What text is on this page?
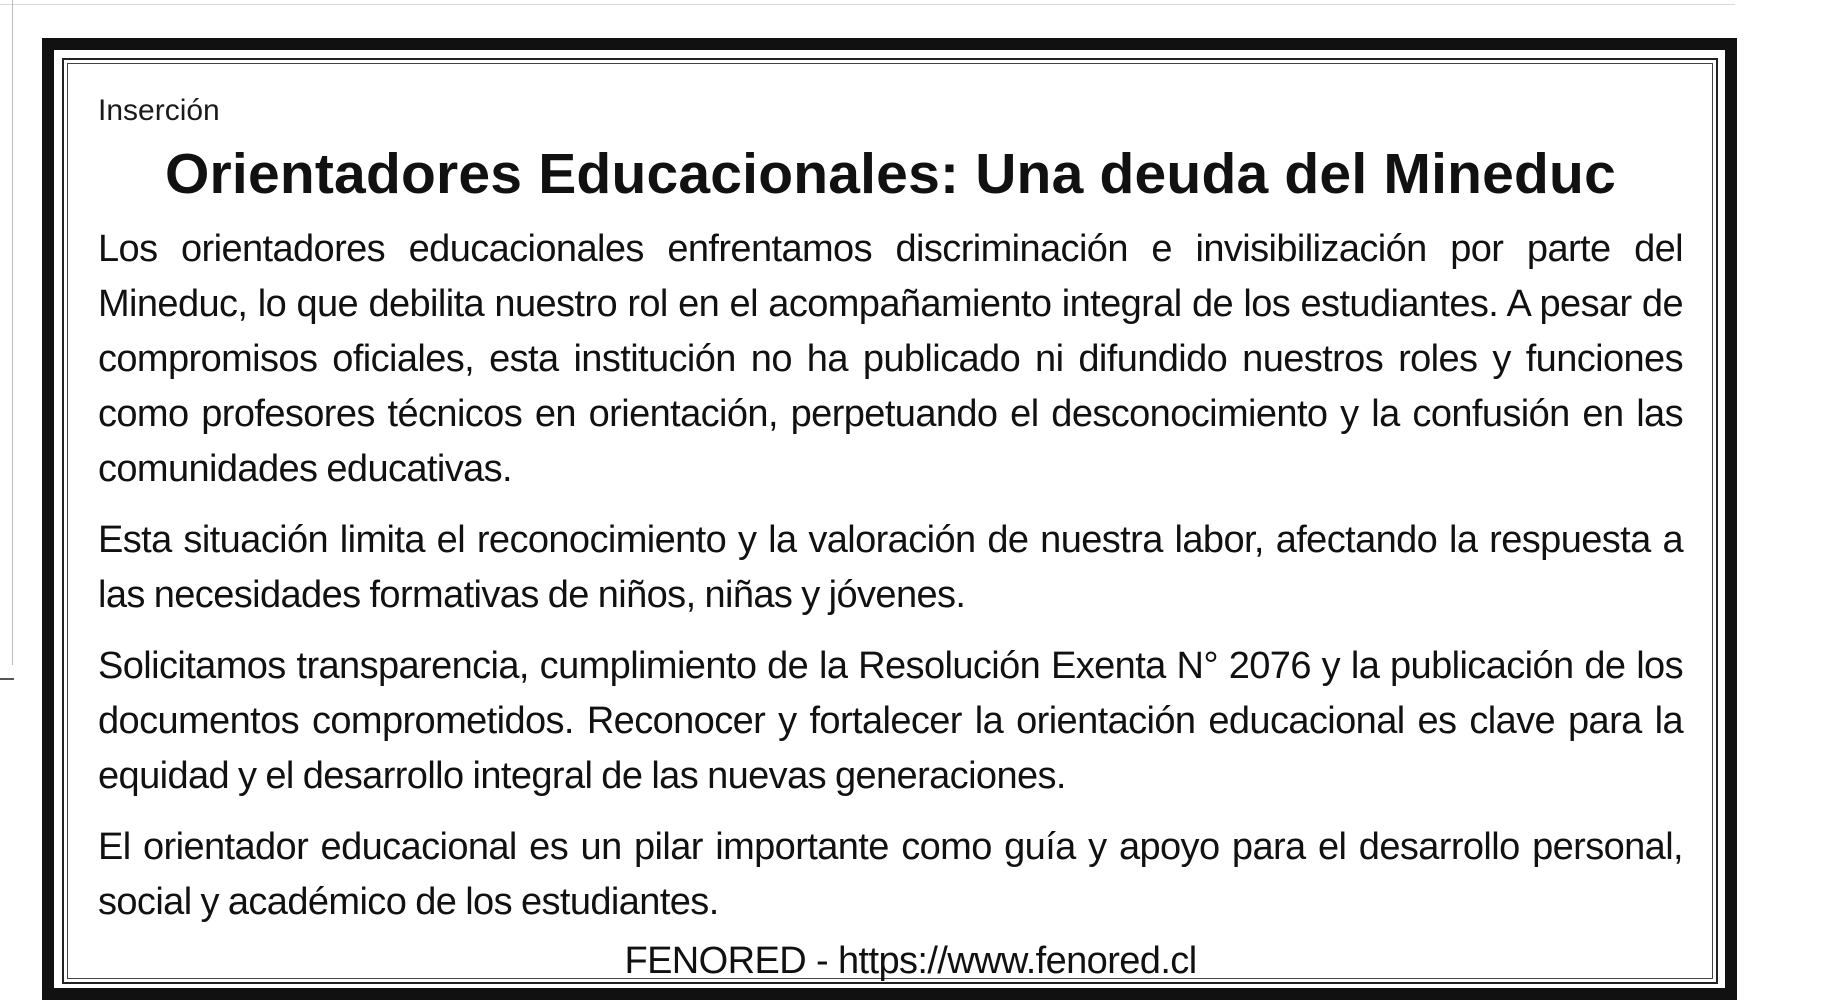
Inserción
Orientadores Educacionales: Una deuda del Mineduc

Los orientadores educacionales enfrentamos discriminación e invisibilización por parte del Mineduc, lo que debilita nuestro rol en el acompañamiento integral de los estudiantes. A pesar de compromisos oficiales, esta institución no ha publicado ni difundido nuestros roles y funciones como profesores técnicos en orientación, perpetuando el desconocimiento y la confusión en las comunidades educativas.

Esta situación limita el reconocimiento y la valoración de nuestra labor, afectando la respuesta a las necesidades formativas de niños, niñas y jóvenes.

Solicitamos transparencia, cumplimiento de la Resolución Exenta N° 2076 y la publicación de los documentos comprometidos. Reconocer y fortalecer la orientación educacional es clave para la equidad y el desarrollo integral de las nuevas generaciones.

El orientador educacional es un pilar importante como guía y apoyo para el desarrollo personal, social y académico de los estudiantes.

FENORED - https://www.fenored.cl
